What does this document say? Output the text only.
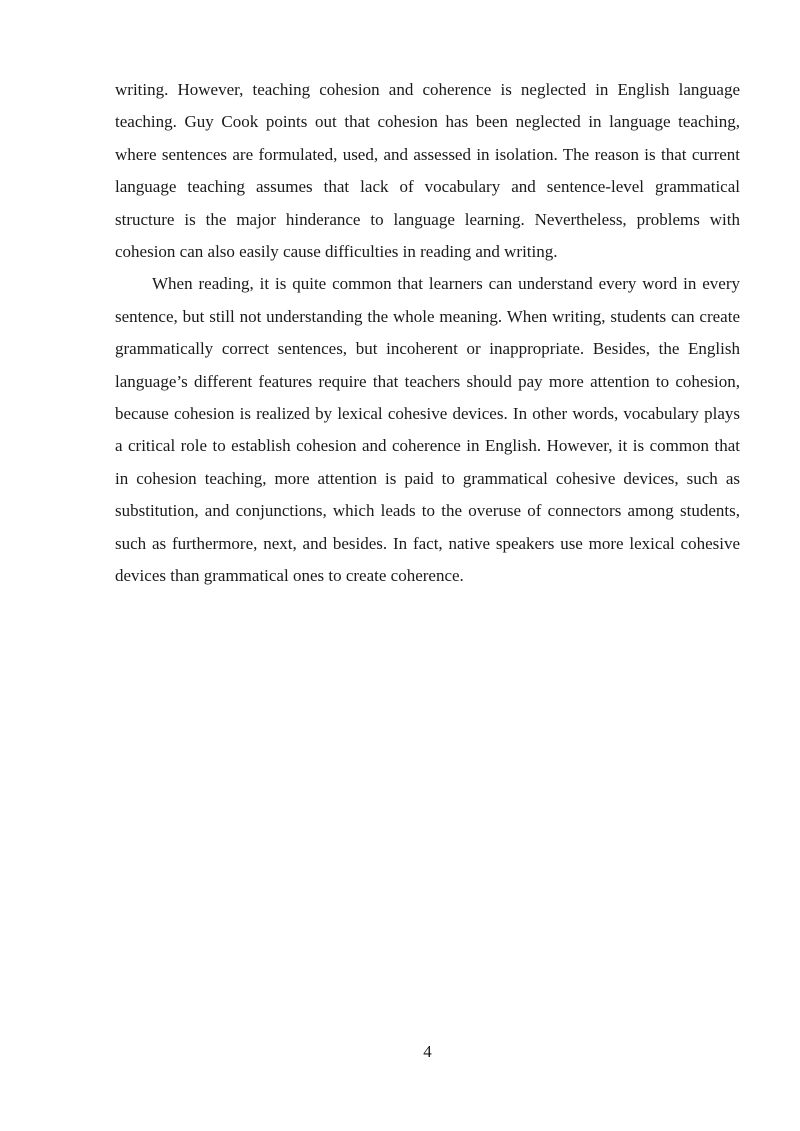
writing. However, teaching cohesion and coherence is neglected in English language teaching. Guy Cook points out that cohesion has been neglected in language teaching, where sentences are formulated, used, and assessed in isolation. The reason is that current language teaching assumes that lack of vocabulary and sentence-level grammatical structure is the major hinderance to language learning. Nevertheless, problems with cohesion can also easily cause difficulties in reading and writing.

When reading, it is quite common that learners can understand every word in every sentence, but still not understanding the whole meaning. When writing, students can create grammatically correct sentences, but incoherent or inappropriate. Besides, the English language’s different features require that teachers should pay more attention to cohesion, because cohesion is realized by lexical cohesive devices. In other words, vocabulary plays a critical role to establish cohesion and coherence in English. However, it is common that in cohesion teaching, more attention is paid to grammatical cohesive devices, such as substitution, and conjunctions, which leads to the overuse of connectors among students, such as furthermore, next, and besides. In fact, native speakers use more lexical cohesive devices than grammatical ones to create coherence.

4
